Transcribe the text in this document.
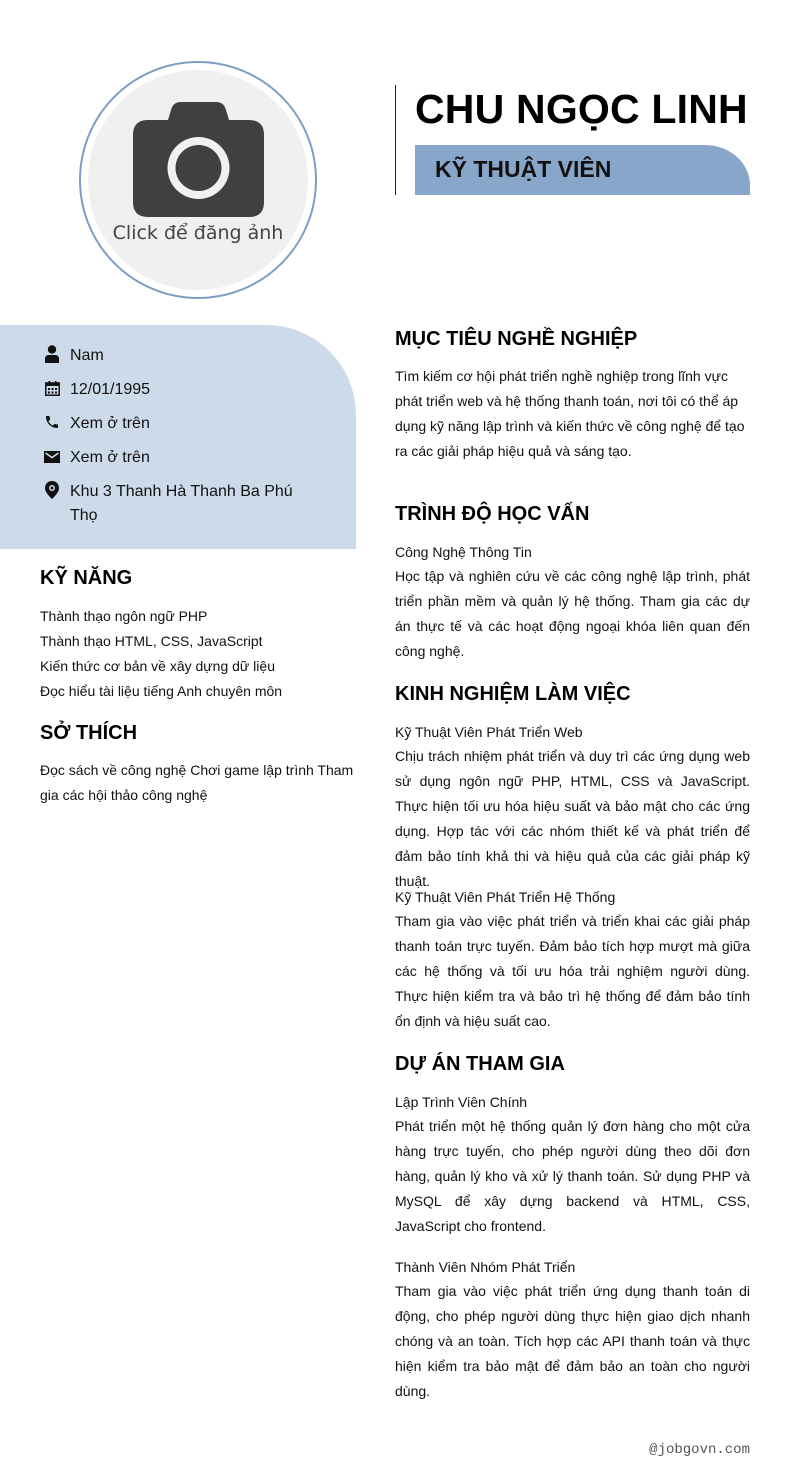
Click để đăng ảnh
CHU NGỌC LINH
KỸ THUẬT VIÊN
Nam
12/01/1995
Xem ở trên
Xem ở trên
Khu 3 Thanh Hà Thanh Ba Phú Thọ
KỸ NĂNG
Thành thạo ngôn ngữ PHP
Thành thạo HTML, CSS, JavaScript
Kiến thức cơ bản về xây dựng dữ liệu
Đọc hiểu tài liệu tiếng Anh chuyên môn
SỞ THÍCH
Đọc sách về công nghệ Chơi game lập trình Tham gia các hội thảo công nghệ
MỤC TIÊU NGHỀ NGHIỆP
Tìm kiếm cơ hội phát triển nghề nghiệp trong lĩnh vực phát triển web và hệ thống thanh toán, nơi tôi có thể áp dụng kỹ năng lập trình và kiến thức về công nghệ để tạo ra các giải pháp hiệu quả và sáng tạo.
TRÌNH ĐỘ HỌC VẤN
Công Nghệ Thông Tin
Học tập và nghiên cứu về các công nghệ lập trình, phát triển phần mềm và quản lý hệ thống. Tham gia các dự án thực tế và các hoạt động ngoại khóa liên quan đến công nghệ.
KINH NGHIỆM LÀM VIỆC
Kỹ Thuật Viên Phát Triển Web
Chịu trách nhiệm phát triển và duy trì các ứng dụng web sử dụng ngôn ngữ PHP, HTML, CSS và JavaScript. Thực hiện tối ưu hóa hiệu suất và bảo mật cho các ứng dụng. Hợp tác với các nhóm thiết kế và phát triển để đảm bảo tính khả thi và hiệu quả của các giải pháp kỹ thuật.
Kỹ Thuật Viên Phát Triển Hệ Thống
Tham gia vào việc phát triển và triển khai các giải pháp thanh toán trực tuyến. Đảm bảo tích hợp mượt mà giữa các hệ thống và tối ưu hóa trải nghiệm người dùng. Thực hiện kiểm tra và bảo trì hệ thống để đảm bảo tính ổn định và hiệu suất cao.
DỰ ÁN THAM GIA
Lập Trình Viên Chính
Phát triển một hệ thống quản lý đơn hàng cho một cửa hàng trực tuyến, cho phép người dùng theo dõi đơn hàng, quản lý kho và xử lý thanh toán. Sử dụng PHP và MySQL để xây dựng backend và HTML, CSS, JavaScript cho frontend.
Thành Viên Nhóm Phát Triển
Tham gia vào việc phát triển ứng dụng thanh toán di động, cho phép người dùng thực hiện giao dịch nhanh chóng và an toàn. Tích hợp các API thanh toán và thực hiện kiểm tra bảo mật để đảm bảo an toàn cho người dùng.
@jobgovn.com
